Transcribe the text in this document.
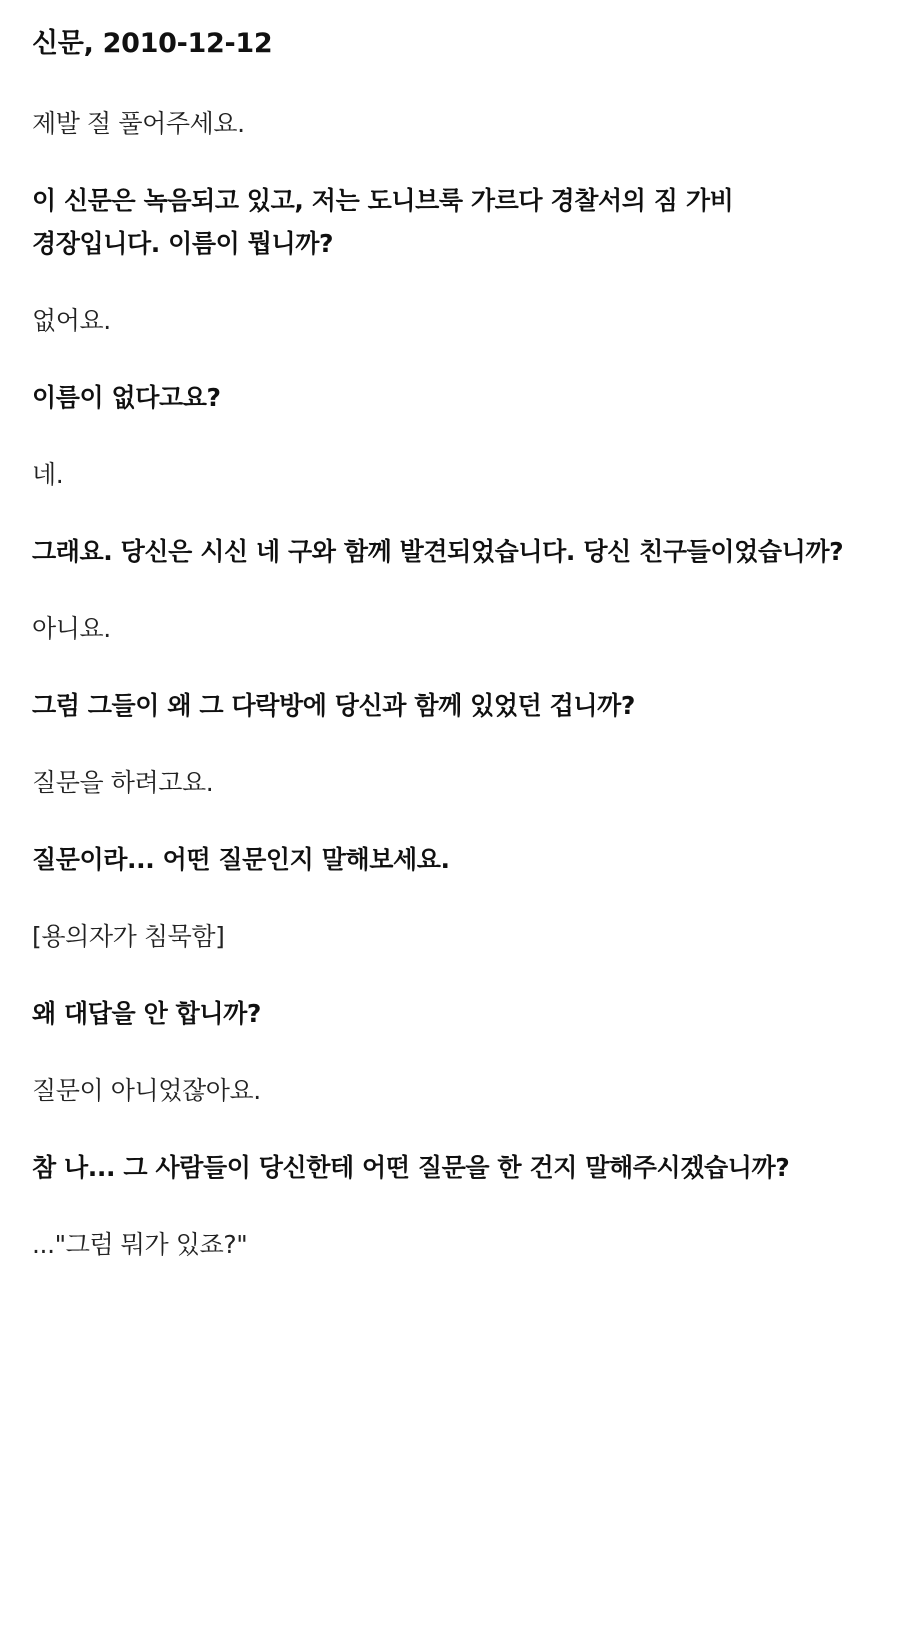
신문, 2010-12-12

제발 절 풀어주세요.

이 신문은 녹음되고 있고, 저는 도니브룩 가르다 경찰서의 짐 가비 경장입니다. 이름이 뭡니까?

없어요.

이름이 없다고요?

네.

그래요. 당신은 시신 네 구와 함께 발견되었습니다. 당신 친구들이었습니까?

아니요.

그럼 그들이 왜 그 다락방에 당신과 함께 있었던 겁니까?

질문을 하려고요.

질문이라... 어떤 질문인지 말해보세요.

[용의자가 침묵함]

왜 대답을 안 합니까?

질문이 아니었잖아요.

참 나... 그 사람들이 당신한테 어떤 질문을 한 건지 말해주시겠습니까?

..."그럼 뭐가 있죠?"
